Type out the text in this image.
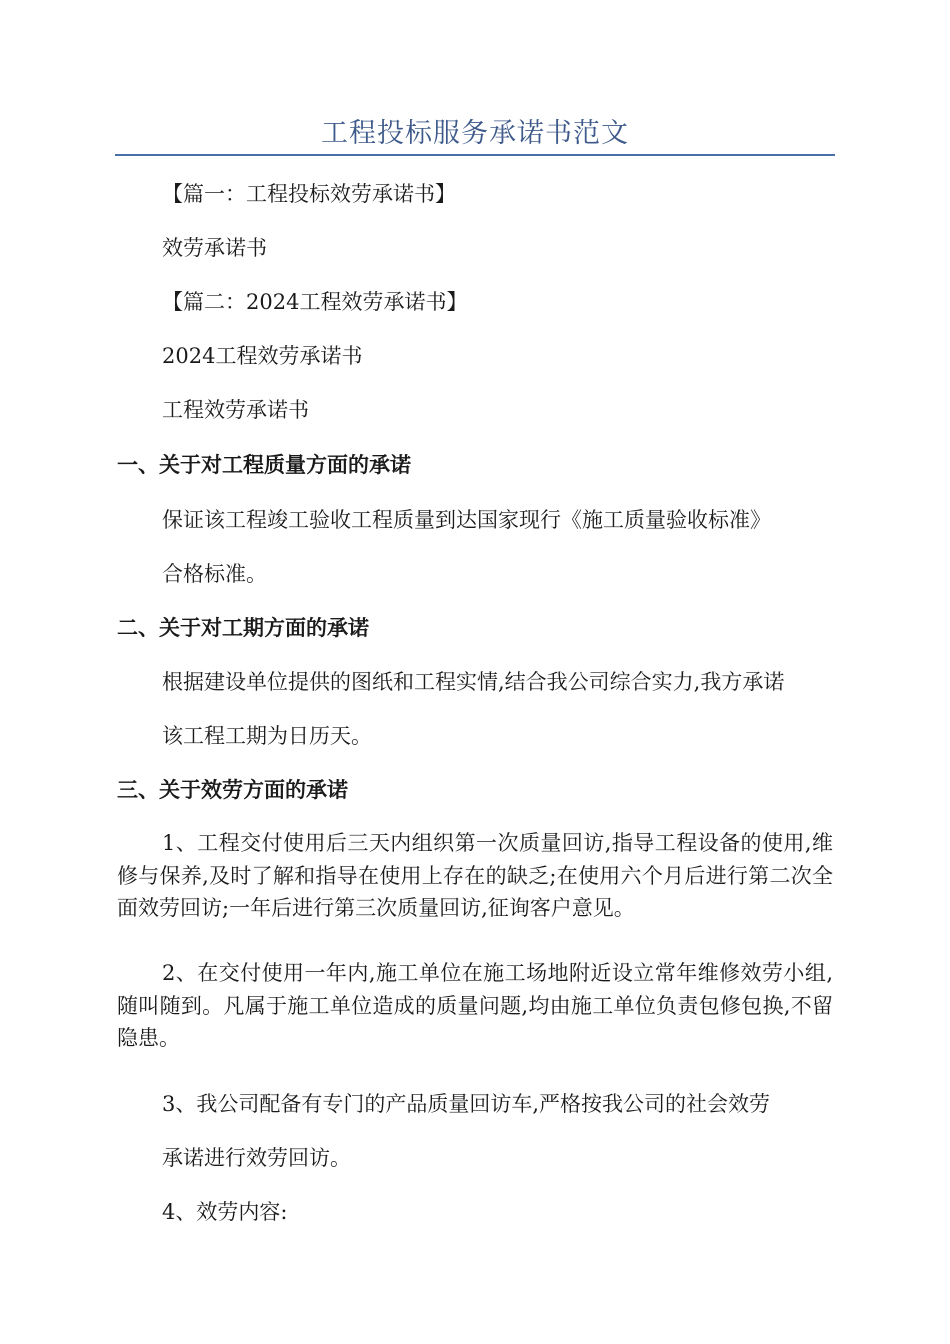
工程投标服务承诺书范文
【篇一：工程投标效劳承诺书】
效劳承诺书
【篇二：2024工程效劳承诺书】
2024工程效劳承诺书
工程效劳承诺书
一、关于对工程质量方面的承诺
保证该工程竣工验收工程质量到达国家现行《施工质量验收标准》
合格标准。
二、关于对工期方面的承诺
根据建设单位提供的图纸和工程实情,结合我公司综合实力,我方承诺
该工程工期为日历天。
三、关于效劳方面的承诺
1、工程交付使用后三天内组织第一次质量回访,指导工程设备的使用,维修与保养,及时了解和指导在使用上存在的缺乏;在使用六个月后进行第二次全面效劳回访;一年后进行第三次质量回访,征询客户意见。
2、在交付使用一年内,施工单位在施工场地附近设立常年维修效劳小组,随叫随到。凡属于施工单位造成的质量问题,均由施工单位负责包修包换,不留隐患。
3、我公司配备有专门的产品质量回访车,严格按我公司的社会效劳
承诺进行效劳回访。
4、效劳内容:
